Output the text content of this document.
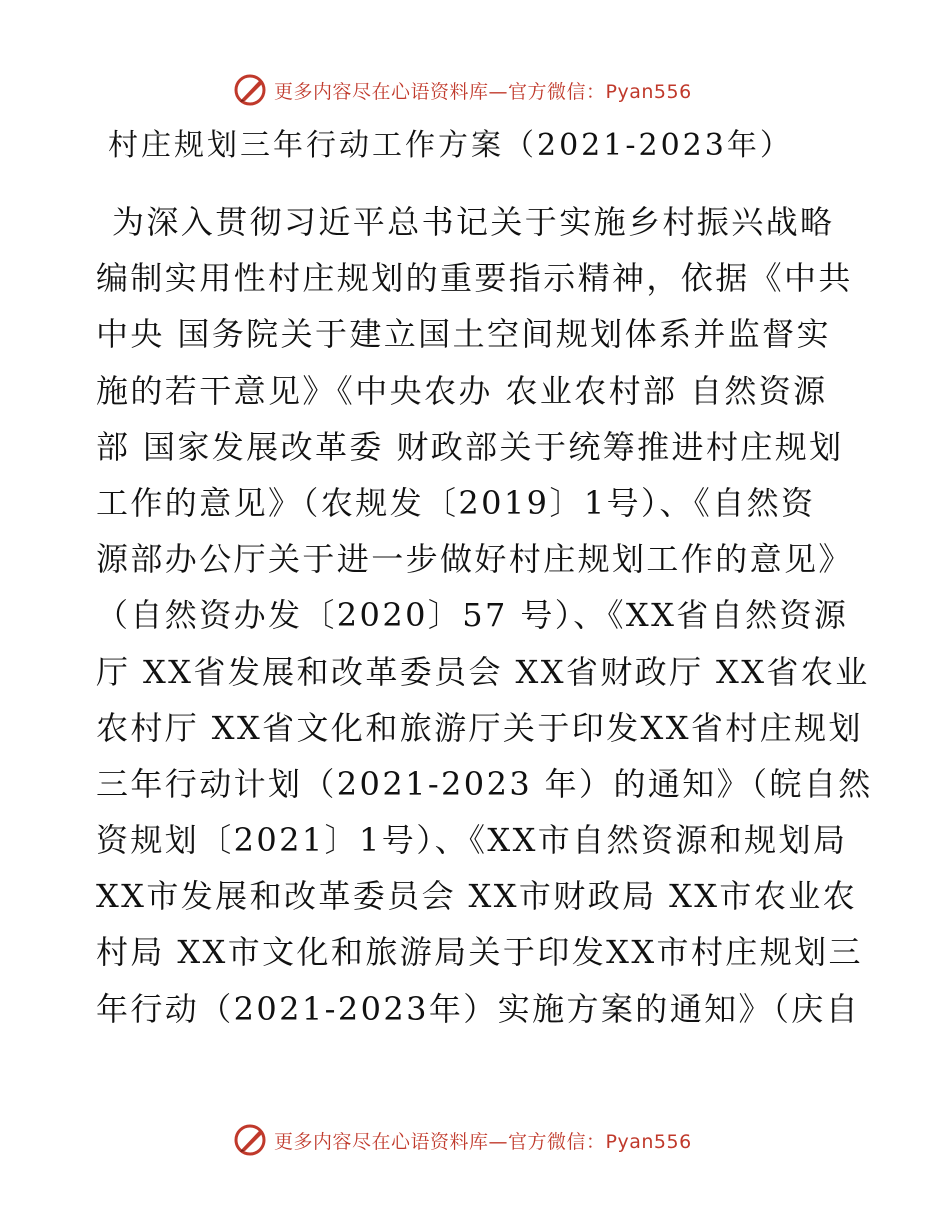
更多内容尽在心语资料库—官方微信：Pyan556
村庄规划三年行动工作方案（2021-2023年）
为深入贯彻习近平总书记关于实施乡村振兴战略
编制实用性村庄规划的重要指示精神，依据《中共
中央 国务院关于建立国土空间规划体系并监督实
施的若干意见》《中央农办 农业农村部 自然资源
部 国家发展改革委 财政部关于统筹推进村庄规划
工作的意见》（农规发〔2019〕1号）、《自然资
源部办公厅关于进一步做好村庄规划工作的意见》
（自然资办发〔2020〕57 号）、《XX省自然资源
厅 XX省发展和改革委员会 XX省财政厅 XX省农业
农村厅 XX省文化和旅游厅关于印发XX省村庄规划
三年行动计划（2021-2023 年）的通知》（皖自然
资规划〔2021〕1号）、《XX市自然资源和规划局
XX市发展和改革委员会 XX市财政局 XX市农业农
村局 XX市文化和旅游局关于印发XX市村庄规划三
年行动（2021-2023年）实施方案的通知》（庆自
更多内容尽在心语资料库—官方微信：Pyan556
